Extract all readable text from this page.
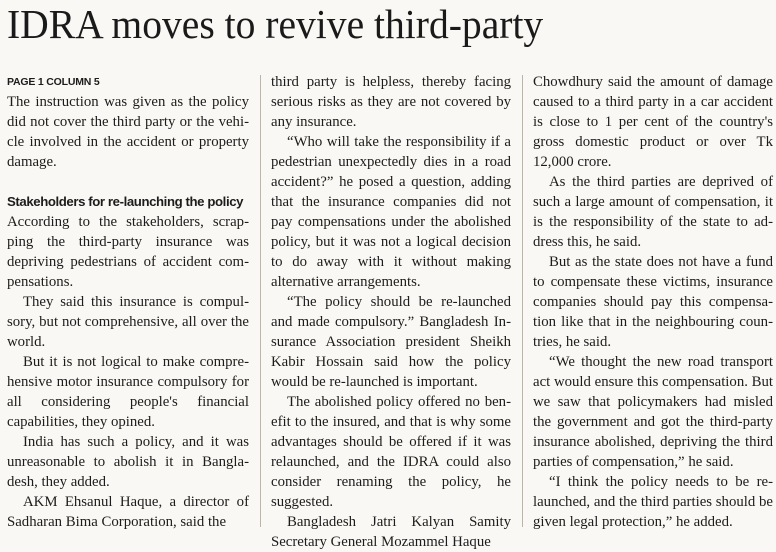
IDRA moves to revive third-party

PAGE 1 COLUMN 5

The instruction was given as the policy did not cover the third party or the vehicle involved in the accident or property damage.

Stakeholders for re-launching the policy

According to the stakeholders, scrapping the third-party insurance was depriving pedestrians of accident compensations.

They said this insurance is compulsory, but not comprehensive, all over the world.

But it is not logical to make comprehensive motor insurance compulsory for all considering people's financial capabilities, they opined.

India has such a policy, and it was unreasonable to abolish it in Bangladesh, they added.

AKM Ehsanul Haque, a director of Sadharan Bima Corporation, said the

third party is helpless, thereby facing serious risks as they are not covered by any insurance.

“Who will take the responsibility if a pedestrian unexpectedly dies in a road accident?” he posed a question, adding that the insurance companies did not pay compensations under the abolished policy, but it was not a logical decision to do away with it without making alternative arrangements.

“The policy should be re-launched and made compulsory.” Bangladesh Insurance Association president Sheikh Kabir Hossain said how the policy would be re-launched is important.

The abolished policy offered no benefit to the insured, and that is why some advantages should be offered if it was relaunched, and the IDRA could also consider renaming the policy, he suggested.

Bangladesh Jatri Kalyan Samity Secretary General Mozammel Haque

Chowdhury said the amount of damage caused to a third party in a car accident is close to 1 per cent of the country's gross domestic product or over Tk 12,000 crore.

As the third parties are deprived of such a large amount of compensation, it is the responsibility of the state to address this, he said.

But as the state does not have a fund to compensate these victims, insurance companies should pay this compensation like that in the neighbouring countries, he said.

“We thought the new road transport act would ensure this compensation. But we saw that policymakers had misled the government and got the third-party insurance abolished, depriving the third parties of compensation,” he said.

“I think the policy needs to be relaunched, and the third parties should be given legal protection,” he added.
